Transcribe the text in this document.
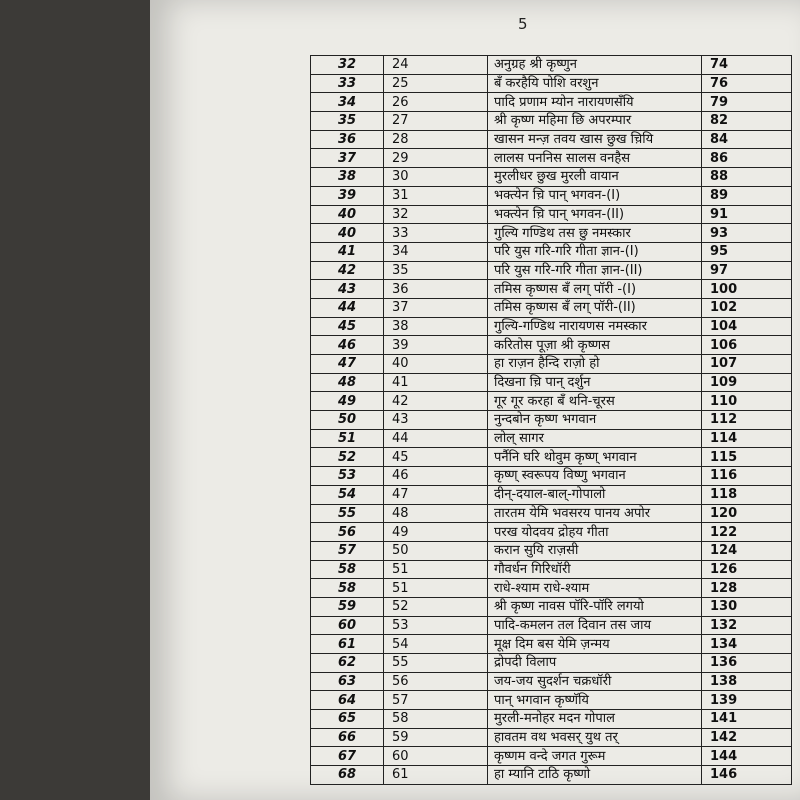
5
32	24	अनुग्रह श्री कृष्णुन	74
33	25	बँ करहैयि पोशि वरशुन	76
34	26	पादि प्रणाम म्योन नारायणसँयि	79
35	27	श्री कृष्ण महिमा छि अपरम्पार	82
36	28	खासन मन्ज़ तवय खास छुख च़ियि	84
37	29	लालस पननिस सालस वनहैस	86
38	30	मुरलीधर छुख मुरली वायान	88
39	31	भक्त्येन च़ि पान् भगवन-(I)	89
40	32	भक्त्येन च़ि पान् भगवन-(II)	91
40	33	गुल्यि गण्डिथ तस छु नमस्कार	93
41	34	परि युस गरि-गरि गीता ज्ञान-(I)	95
42	35	परि युस गरि-गरि गीता ज्ञान-(II)	97
43	36	तमिस कृष्णस बँ लग् पॉरी -(I)	100
44	37	तमिस कृष्णस बँ लग् पॉरी-(II)	102
45	38	गुल्यि-गण्डिथ नारायणस नमस्कार	104
46	39	करितोस पूज़ा श्री कृष्णस	106
47	40	हा राज़न हैन्दि राज़ो हो	107
48	41	दिखना च़ि पान् दर्शुन	109
49	42	गूर गूर करहा बँ थनि-चूरस	110
50	43	नुन्दबोन कृष्ण भगवान	112
51	44	लोल् सागर	114
52	45	पर्नैनि घरि थोवुम कृष्ण् भगवान	115
53	46	कृष्ण् स्वरूपय विष्णु भगवान	116
54	47	दीन्-दयाल-बाल्-गोपालो	118
55	48	तारतम येमि भवसरय पानय अपोर	120
56	49	परख योदवय द्रोहय गीता	122
57	50	करान सुयि राज़सी	124
58	51	गौवर्धन गिरिधॉरी	126
58	51	राधे-श्याम राधे-श्याम	128
59	52	श्री कृष्ण नावस पॉरि-पॉरि लगयो	130
60	53	पादि-कमलन तल दिवान तस जाय	132
61	54	मूक्ष दिम बस येमि ज़न्मय	134
62	55	द्रोपदी विलाप	136
63	56	जय-जय सुदर्शन चक्रधॉरी	138
64	57	पान् भगवान कृष्णॅयि	139
65	58	मुरली-मनोहर मदन गोपाल	141
66	59	हावतम वथ भवसर् युथ तर्	142
67	60	कृष्णम वन्दे जगत गुरूम	144
68	61	हा म्यानि टाठि कृष्णो	146
